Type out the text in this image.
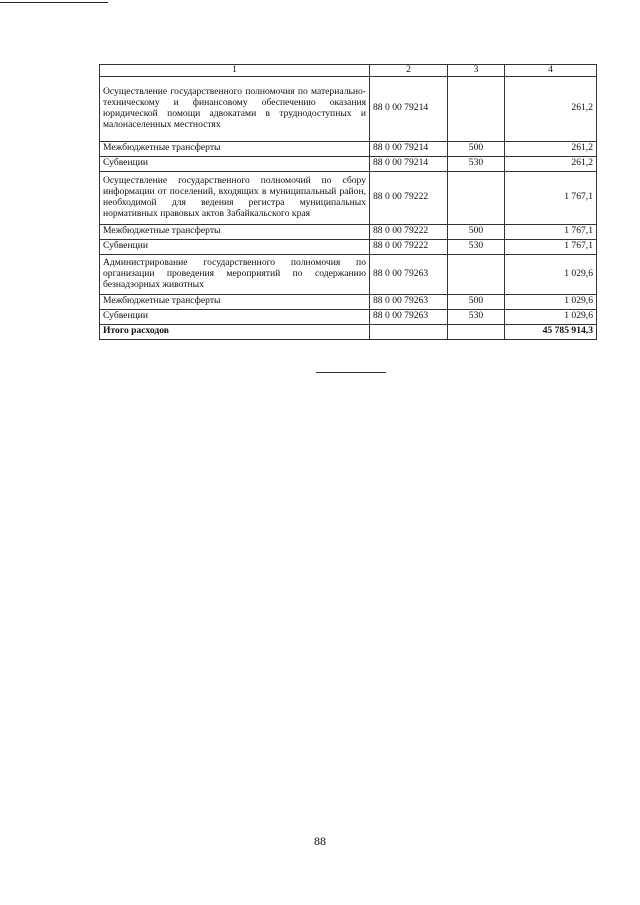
1	2	3	4
Осуществление государственного полномочия по материально-техническому и финансовому обеспечению оказания юридической помощи адвокатами в труднодоступных и малонаселенных местностях	88 0 00 79214		261,2
Межбюджетные трансферты	88 0 00 79214	500	261,2
Субвенции	88 0 00 79214	530	261,2
Осуществление государственного полномочий по сбору информации от поселений, входящих в муниципальный район, необходимой для ведения регистра муниципальных нормативных правовых актов Забайкальского края	88 0 00 79222		1 767,1
Межбюджетные трансферты	88 0 00 79222	500	1 767,1
Субвенции	88 0 00 79222	530	1 767,1
Администрирование государственного полномочия по организации проведения мероприятий по содержанию безнадзорных животных	88 0 00 79263		1 029,6
Межбюджетные трансферты	88 0 00 79263	500	1 029,6
Субвенции	88 0 00 79263	530	1 029,6
Итого расходов			45 785 914,3
88
